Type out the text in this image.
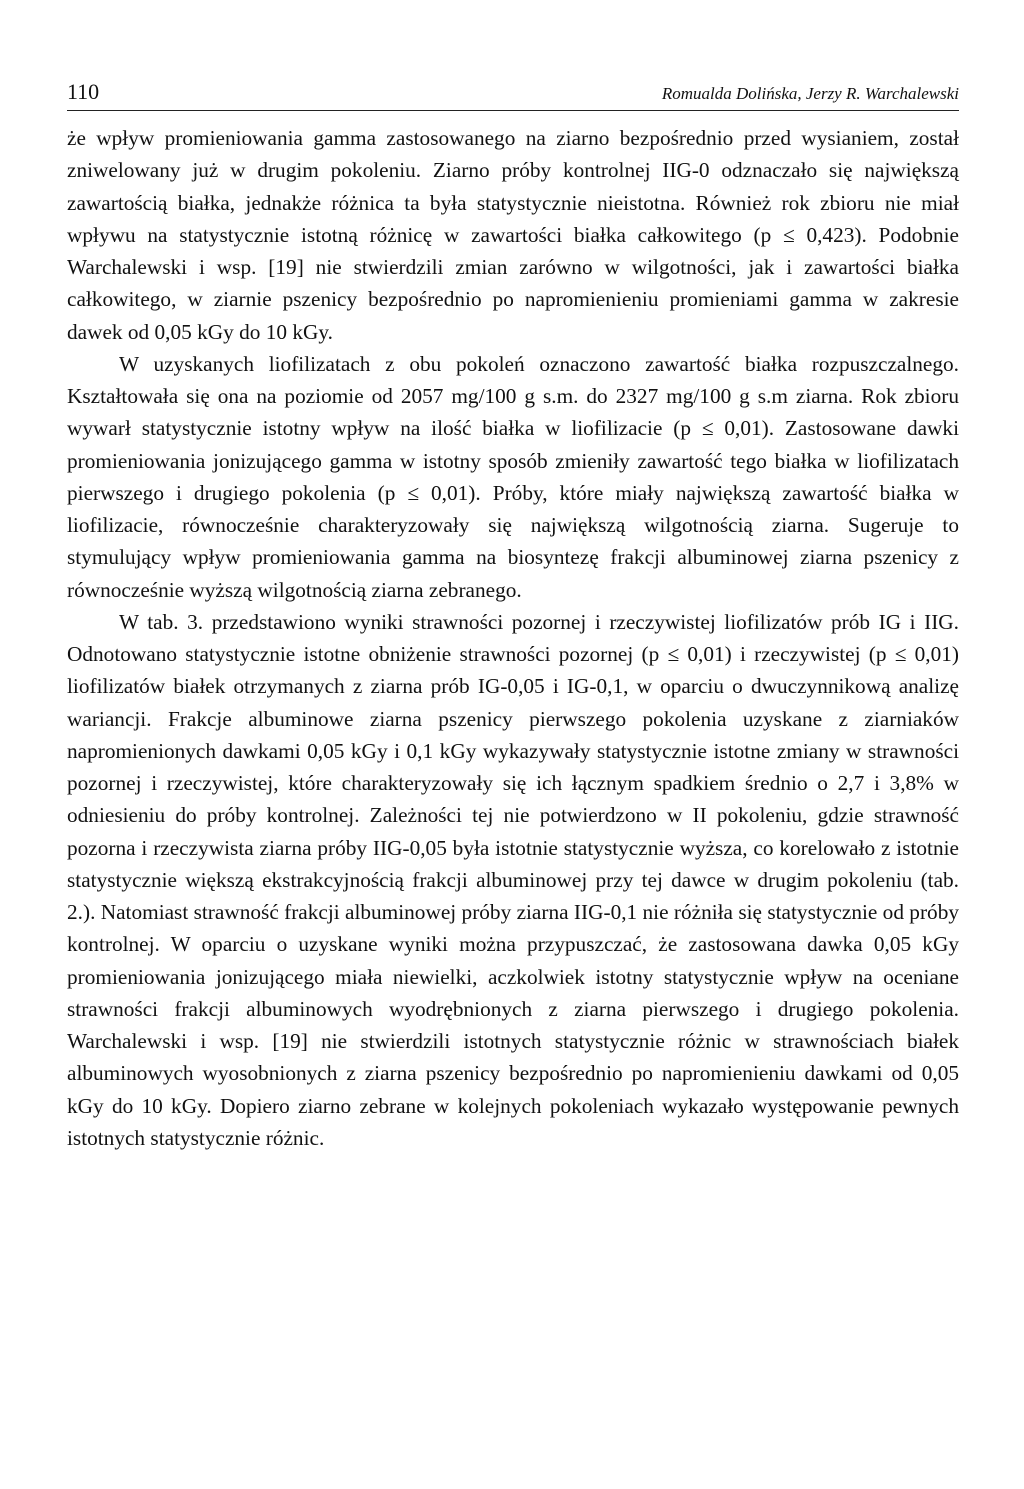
110	Romualda Dolińska, Jerzy R. Warchalewski

że wpływ promieniowania gamma zastosowanego na ziarno bezpośrednio przed wysianiem, został zniwelowany już w drugim pokoleniu. Ziarno próby kontrolnej IIG-0 odznaczało się największą zawartością białka, jednakże różnica ta była statystycznie nieistotna. Również rok zbioru nie miał wpływu na statystycznie istotną różnicę w zawartości białka całkowitego (p ≤ 0,423). Podobnie Warchalewski i wsp. [19] nie stwierdzili zmian zarówno w wilgotności, jak i zawartości białka całkowitego, w ziarnie pszenicy bezpośrednio po napromienieniu promieniami gamma w zakresie dawek od 0,05 kGy do 10 kGy.

W uzyskanych liofilizatach z obu pokoleń oznaczono zawartość białka rozpuszczalnego. Kształtowała się ona na poziomie od 2057 mg/100 g s.m. do 2327 mg/100 g s.m ziarna. Rok zbioru wywarł statystycznie istotny wpływ na ilość białka w liofilizacie (p ≤ 0,01). Zastosowane dawki promieniowania jonizującego gamma w istotny sposób zmieniły zawartość tego białka w liofilizatach pierwszego i drugiego pokolenia (p ≤ 0,01). Próby, które miały największą zawartość białka w liofilizacie, równocześnie charakteryzowały się największą wilgotnością ziarna. Sugeruje to stymulujący wpływ promieniowania gamma na biosyntezę frakcji albuminowej ziarna pszenicy z równocześnie wyższą wilgotnością ziarna zebranego.

W tab. 3. przedstawiono wyniki strawności pozornej i rzeczywistej liofilizatów prób IG i IIG. Odnotowano statystycznie istotne obniżenie strawności pozornej (p ≤ 0,01) i rzeczywistej (p ≤ 0,01) liofilizatów białek otrzymanych z ziarna prób IG-0,05 i IG-0,1, w oparciu o dwuczynnikową analizę wariancji. Frakcje albuminowe ziarna pszenicy pierwszego pokolenia uzyskane z ziarniaków napromienionych dawkami 0,05 kGy i 0,1 kGy wykazywały statystycznie istotne zmiany w strawności pozornej i rzeczywistej, które charakteryzowały się ich łącznym spadkiem średnio o 2,7 i 3,8% w odniesieniu do próby kontrolnej. Zależności tej nie potwierdzono w II pokoleniu, gdzie strawność pozorna i rzeczywista ziarna próby IIG-0,05 była istotnie statystycznie wyższa, co korelowało z istotnie statystycznie większą ekstrakcyjnością frakcji albuminowej przy tej dawce w drugim pokoleniu (tab. 2.). Natomiast strawność frakcji albuminowej próby ziarna IIG-0,1 nie różniła się statystycznie od próby kontrolnej. W oparciu o uzyskane wyniki można przypuszczać, że zastosowana dawka 0,05 kGy promieniowania jonizującego miała niewielki, aczkolwiek istotny statystycznie wpływ na oceniane strawności frakcji albuminowych wyodrębnionych z ziarna pierwszego i drugiego pokolenia. Warchalewski i wsp. [19] nie stwierdzili istotnych statystycznie różnic w strawnościach białek albuminowych wyosobnionych z ziarna pszenicy bezpośrednio po napromienieniu dawkami od 0,05 kGy do 10 kGy. Dopiero ziarno zebrane w kolejnych pokoleniach wykazało występowanie pewnych istotnych statystycznie różnic.
